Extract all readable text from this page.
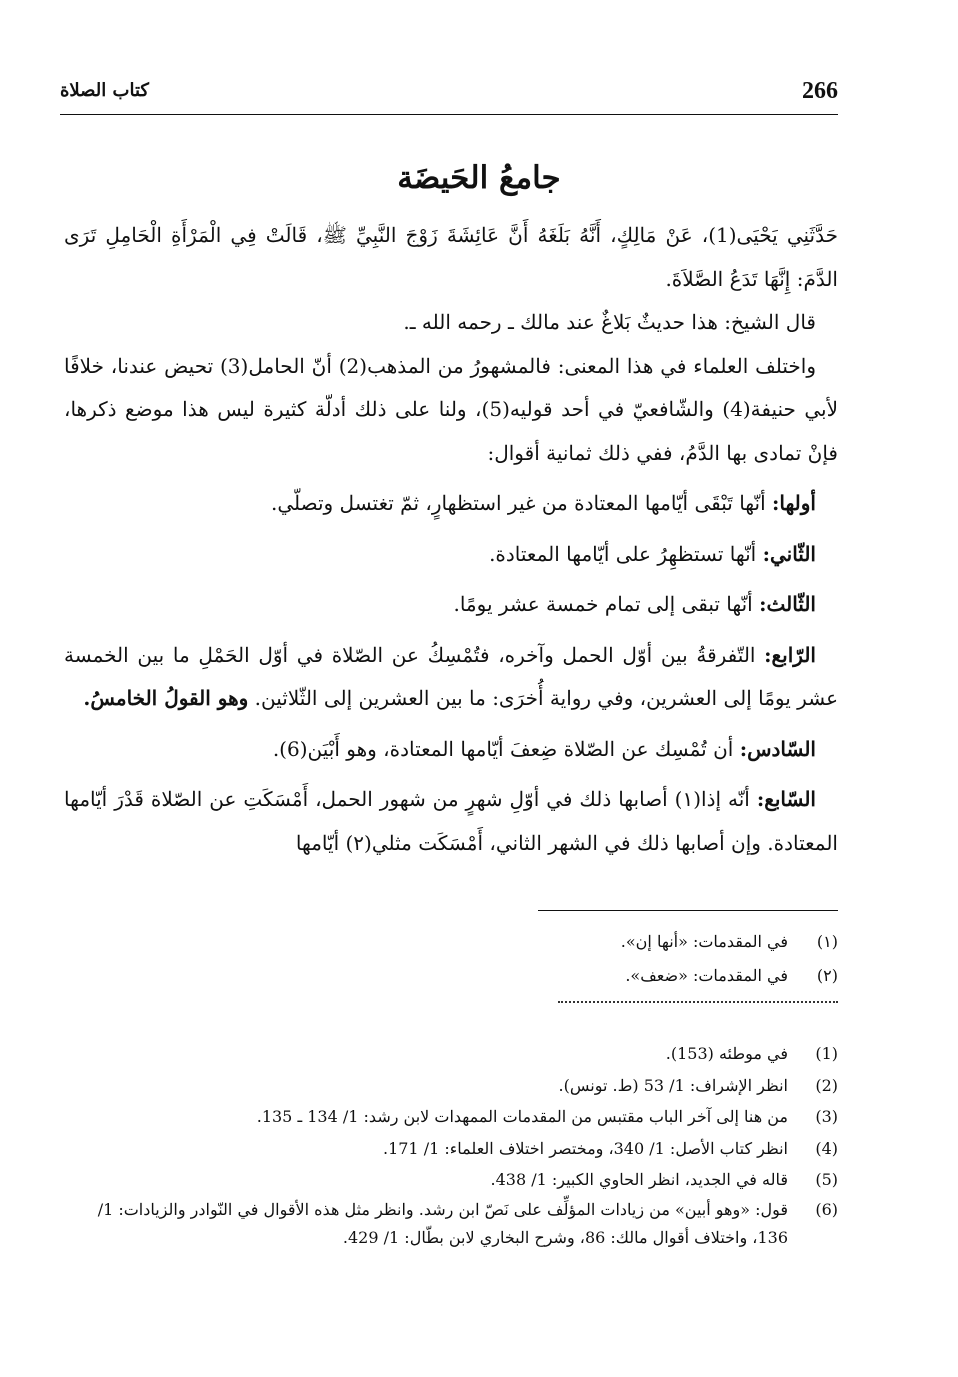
266
كتاب الصلاة
جامعُ الحَيضَة

حَدَّثَنِي يَحْيَى(1)، عَنْ مَالِكٍ، أَنَّهُ بَلَغَهُ أَنَّ عَائِشَةَ زَوْجَ النَّبِيِّ ﷺ، قَالَتْ فِي الْمَرْأَةِ الْحَامِلِ تَرَى الدَّمَ: إِنَّهَا تَدَعُ الصَّلاَةَ.

قال الشيخ: هذا حديثٌ بَلاغٌ عند مالك ـ رحمه الله ـ.

واختلف العلماء في هذا المعنى: فالمشهورُ من المذهب(2) أنّ الحامل(3) تحيض عندنا، خلافًا لأبي حنيفة(4) والشّافعيّ في أحد قوليه(5)، ولنا على ذلك أدلّة كثيرة ليس هذا موضع ذكرها، فإنْ تمادى بها الدَّمُ، ففي ذلك ثمانية أقوال:

أولها: أنّها تَبْقَى أيّامها المعتادة من غير استظهارٍ، ثمّ تغتسل وتصلّي.

الثّاني: أنّها تستظهِرُ على أيّامها المعتادة.

الثّالث: أنّها تبقى إلى تمام خمسة عشر يومًا.

الرّابع: التّفرقةُ بين أوّل الحمل وآخره، فتُمْسِكُ عن الصّلاة في أوّل الحَمْلِ ما بين الخمسة عشر يومًا إلى العشرين، وفي رواية أُخرَى: ما بين العشرين إلى الثّلاثين. وهو القولُ الخامسُ.

السّادس: أن تُمْسِك عن الصّلاة ضِعفَ أيّامها المعتادة، وهو أَبْيَن(6).

السّابع: أنّه إذا(١) أصابها ذلك في أوّلِ شهرٍ من شهور الحمل، أَمْسَكَتِ عن الصّلاة قَدْرَ أيّامها المعتادة. وإن أصابها ذلك في الشهر الثاني، أَمْسَكَت مثلي(٢) أيّامها

(١)
في المقدمات: «أنها إن».
(٢)
في المقدمات: «ضعف».
(1)
في موطئه (153).
(2)
انظر الإشراف: 1/ 53 (ط. تونس).
(3)
من هنا إلى آخر الباب مقتبس من المقدمات الممهدات لابن رشد: 1/ 134 ـ 135.
(4)
انظر كتاب الأصل: 1/ 340، ومختصر اختلاف العلماء: 1/ 171.
(5)
قاله في الجديد، انظر الحاوي الكبير: 1/ 438.
(6)
قول: «وهو أبين» من زيادات المؤلِّف على نَصّ ابن رشد. وانظر مثل هذه الأقوال في النّوادر والزيادات: 1/ 136، واختلاف أقوال مالك: 86، وشرح البخاري لابن بطّال: 1/ 429.
